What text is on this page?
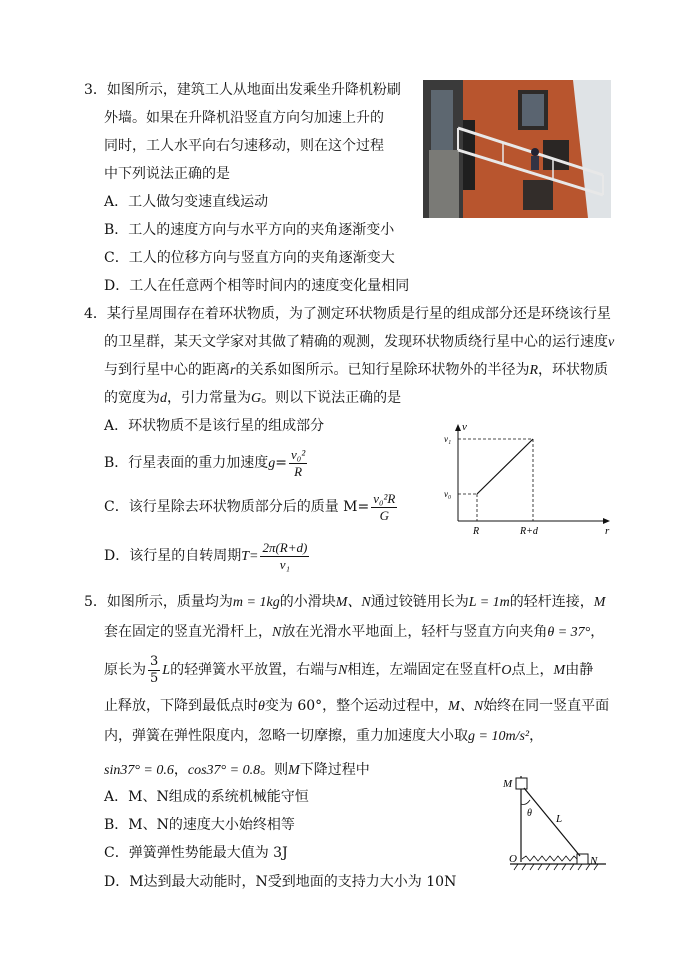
3．如图所示，建筑工人从地面出发乘坐升降机粉刷
外墙。如果在升降机沿竖直方向匀加速上升的
同时，工人水平向右匀速移动，则在这个过程
中下列说法正确的是
A．工人做匀变速直线运动
B．工人的速度方向与水平方向的夹角逐渐变小
C．工人的位移方向与竖直方向的夹角逐渐变大
D．工人在任意两个相等时间内的速度变化量相同
4．某行星周围存在着环状物质，为了测定环状物质是行星的组成部分还是环绕该行星
的卫星群，某天文学家对其做了精确的观测，发现环状物质绕行星中心的运行速度v
与到行星中心的距离r的关系如图所示。已知行星除环状物外的半径为R，环状物质
的宽度为d，引力常量为G。则以下说法正确的是
A．环状物质不是该行星的组成部分
B．行星表面的重力加速度$g= \frac{\text{v₀²}}{R}$
C．该行星除去环状物质部分后的质量 $M= \frac{\text{v₀²R}}{G}$
D．该行星的自转周期$T= \frac{2\pi(R+d)}{\text{v₁}}$
v
r
v₁
v₀
R	R+d
5．如图所示，质量均为m = 1kg的小滑块M、N通过铰链用长为L = 1m的轻杆连接，M
套在固定的竖直光滑杆上，N放在光滑水平地面上，轻杆与竖直方向夹角θ = 37°，
原长为 $\frac{3}{5}$ L的轻弹簧水平放置，右端与N相连，左端固定在竖直杆O点上，M由静
止释放，下降到最低点时θ变为 60°，整个运动过程中，M、N始终在同一竖直平面
内，弹簧在弹性限度内，忽略一切摩擦，重力加速度大小取g = 10m/s²，
sin37° = 0.6，cos37° = 0.8。则M下降过程中
A．M、N组成的系统机械能守恒
B．M、N的速度大小始终相等
C．弹簧弹性势能最大值为 3J
D．M达到最大动能时，N受到地面的支持力大小为 10N
M
N
O
L
θ
